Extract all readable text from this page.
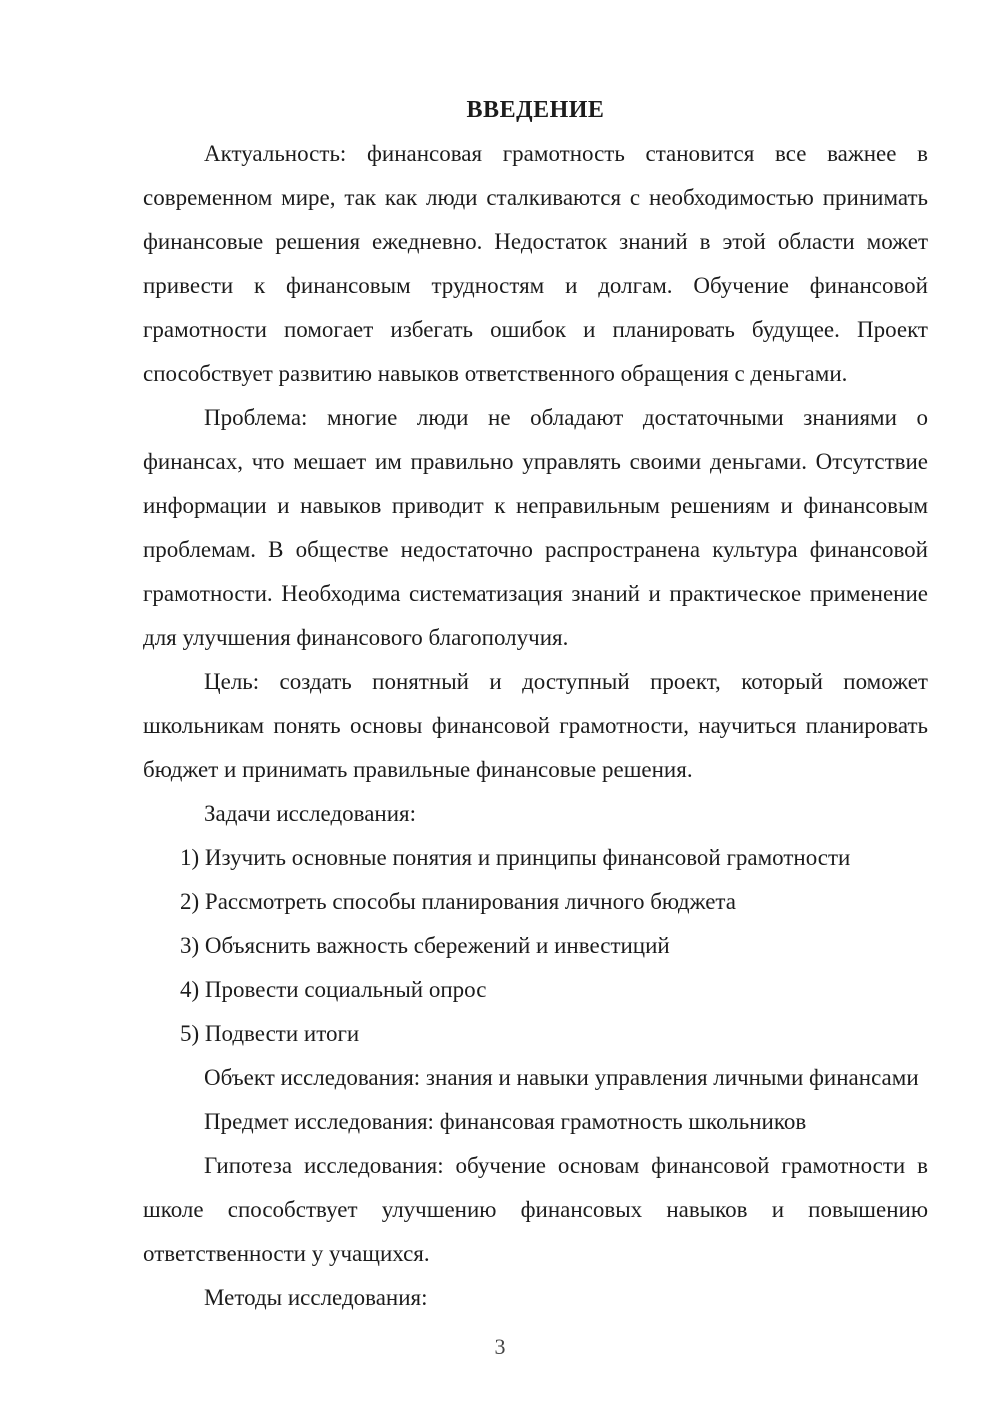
ВВЕДЕНИЕ

Актуальность: финансовая грамотность становится все важнее в современном мире, так как люди сталкиваются с необходимостью принимать финансовые решения ежедневно. Недостаток знаний в этой области может привести к финансовым трудностям и долгам. Обучение финансовой грамотности помогает избегать ошибок и планировать будущее. Проект способствует развитию навыков ответственного обращения с деньгами.

Проблема: многие люди не обладают достаточными знаниями о финансах, что мешает им правильно управлять своими деньгами. Отсутствие информации и навыков приводит к неправильным решениям и финансовым проблемам. В обществе недостаточно распространена культура финансовой грамотности. Необходима систематизация знаний и практическое применение для улучшения финансового благополучия.

Цель: создать понятный и доступный проект, который поможет школьникам понять основы финансовой грамотности, научиться планировать бюджет и принимать правильные финансовые решения.

Задачи исследования:

1) Изучить основные понятия и принципы финансовой грамотности

2) Рассмотреть способы планирования личного бюджета

3) Объяснить важность сбережений и инвестиций

4) Провести социальный опрос

5) Подвести итоги

Объект исследования: знания и навыки управления личными финансами

Предмет исследования: финансовая грамотность школьников

Гипотеза исследования: обучение основам финансовой грамотности в школе способствует улучшению финансовых навыков и повышению ответственности у учащихся.

Методы исследования:

3
